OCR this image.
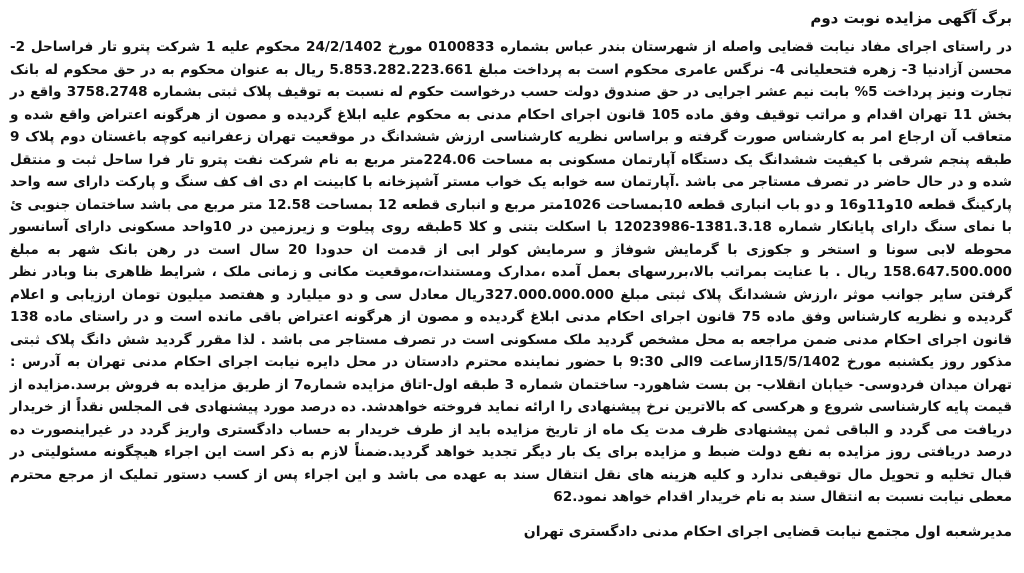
برگ آگهی مزایده نوبت دوم

در راستای اجرای مفاد نیابت قضایی واصله از شهرستان بندر عباس بشماره 0100833 مورخ 24/2/1402 محکوم علیه 1 شرکت پترو تار فراساحل 2- محسن آزادنیا 3- زهره فتحعلیانی 4- نرگس عامری محکوم است به پرداخت مبلغ 5.853.282.223.661 ریال به عنوان محکوم به در حق محکوم له بانک تجارت ونیز پرداخت 5% بابت نیم عشر اجرایی در حق صندوق دولت حسب درخواست حکوم له نسبت به توقیف پلاک ثبتی بشماره 3758.2748 واقع در بخش 11 تهران اقدام و مراتب توقیف وفق ماده 105 قانون اجرای احکام مدنی به محکوم علیه ابلاغ گردیده و مصون از هرگونه اعتراض واقع شده و متعاقب آن ارجاع امر به کارشناس صورت گرفته و براساس نظریه کارشناسی ارزش ششدانگ در موقعیت تهران زعفرانیه کوچه باغستان دوم پلاک 9 طبقه پنجم شرقی با کیفیت ششدانگ یک دستگاه آپارتمان مسکونی به مساحت 224.06متر مربع به نام شرکت نفت پترو تار فرا ساحل ثبت و منتقل شده و در حال حاضر در تصرف مستاجر می باشد .آپارتمان سه خوابه یک خواب مستر آشپزخانه با کابینت ام دی اف کف سنگ و پارکت دارای سه واحد پارکینگ قطعه 10و11و16 و دو باب انباری قطعه 10بمساحت 1026متر مربع و انباری قطعه 12 بمساحت 12.58 متر مربع می باشد ساختمان جنوبی ئ با نمای سنگ دارای پایانکار شماره 1381.3.18-12023986 با اسکلت بتنی و کلا 5طبقه روی پیلوت و زیرزمین در 10واحد مسکونی دارای آسانسور محوطه لابی سونا و استخر و جکوزی با گرمایش شوفاژ و سرمایش کولر ابی از قدمت ان حدودا 20 سال است در رهن بانک شهر به مبلغ 158.647.500.000 ریال . با عنایت بمراتب بالا،بررسهای بعمل آمده ،مدارک ومستندات،موقعیت مکانی و زمانی ملک ، شرایط ظاهری بنا وبادر نظر گرفتن سایر جوانب موثر ،ارزش ششدانگ پلاک ثبتی مبلغ 327.000.000.000ریال معادل سی و دو میلیارد و هفتصد میلیون تومان ارزیابی و اعلام گردیده و نظریه کارشناس وفق ماده 75 قانون اجرای احکام مدنی ابلاغ گردیده و مصون از هرگونه اعتراض باقی مانده است و در راستای ماده 138 قانون اجرای احکام مدنی ضمن مراجعه به محل مشخص گردید ملک مسکونی است در تصرف مستاجر می باشد . لذا مقرر گردید شش دانگ پلاک ثبتی مذکور روز یکشنبه مورخ 15/5/1402ازساعت 9الی 9:30 با حضور نماینده محترم دادستان در محل دایره نیابت اجرای احکام مدنی تهران به آدرس : تهران میدان فردوسی- خیابان انقلاب- بن بست شاهورد- ساختمان شماره 3 طبقه اول-اتاق مزایده شماره7 از طریق مزایده به فروش برسد.مزایده از قیمت پایه کارشناسی شروع و هرکسی که بالاترین نرخ پیشنهادی را ارائه نماید فروخته خواهدشد. ده درصد مورد پیشنهادی فی المجلس نقداً از خریدار دریافت می گردد و الباقی ثمن پیشنهادی ظرف مدت یک ماه از تاریخ مزایده باید از طرف خریدار به حساب دادگستری واریز گردد در غیراینصورت ده درصد دریافتی روز مزایده به نفع دولت ضبط و مزایده برای یک بار دیگر تجدید خواهد گردید.ضمناً لازم به ذکر است این اجراء هیچگونه مسئولیتی در قبال تخلیه و تحویل مال توقیفی ندارد و کلیه هزینه های نقل انتقال سند به عهده می باشد و این اجراء پس از کسب دستور تملیک از مرجع محترم معطی نیابت نسبت به انتقال سند به نام خریدار اقدام خواهد نمود.62

مدیرشعبه اول مجتمع نیابت قضایی اجرای احکام مدنی دادگستری تهران
